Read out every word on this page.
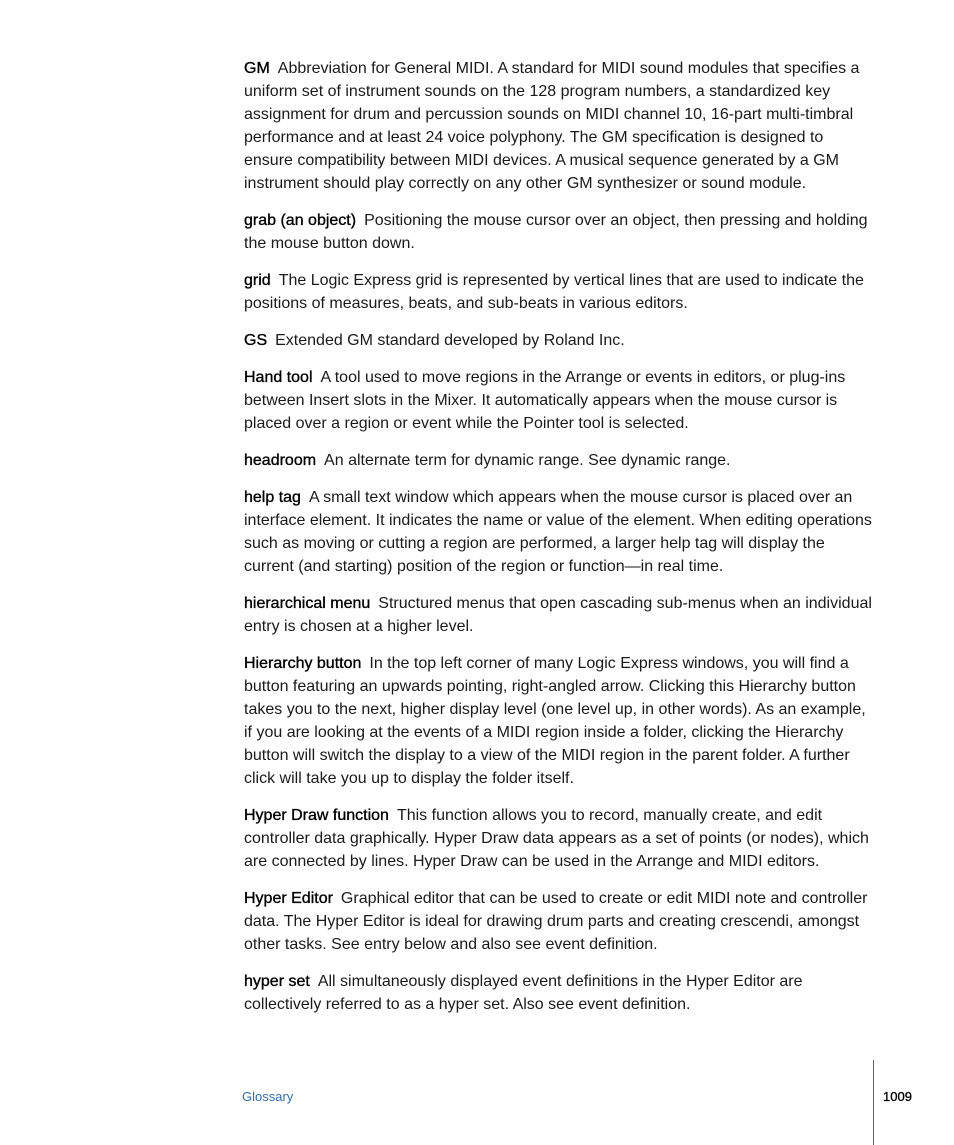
GM Abbreviation for General MIDI. A standard for MIDI sound modules that specifies a uniform set of instrument sounds on the 128 program numbers, a standardized key assignment for drum and percussion sounds on MIDI channel 10, 16-part multi-timbral performance and at least 24 voice polyphony. The GM specification is designed to ensure compatibility between MIDI devices. A musical sequence generated by a GM instrument should play correctly on any other GM synthesizer or sound module.

grab (an object) Positioning the mouse cursor over an object, then pressing and holding the mouse button down.

grid The Logic Express grid is represented by vertical lines that are used to indicate the positions of measures, beats, and sub-beats in various editors.

GS Extended GM standard developed by Roland Inc.

Hand tool A tool used to move regions in the Arrange or events in editors, or plug-ins between Insert slots in the Mixer. It automatically appears when the mouse cursor is placed over a region or event while the Pointer tool is selected.

headroom An alternate term for dynamic range. See dynamic range.

help tag A small text window which appears when the mouse cursor is placed over an interface element. It indicates the name or value of the element. When editing operations such as moving or cutting a region are performed, a larger help tag will display the current (and starting) position of the region or function—in real time.

hierarchical menu Structured menus that open cascading sub-menus when an individual entry is chosen at a higher level.

Hierarchy button In the top left corner of many Logic Express windows, you will find a button featuring an upwards pointing, right-angled arrow. Clicking this Hierarchy button takes you to the next, higher display level (one level up, in other words). As an example, if you are looking at the events of a MIDI region inside a folder, clicking the Hierarchy button will switch the display to a view of the MIDI region in the parent folder. A further click will take you up to display the folder itself.

Hyper Draw function This function allows you to record, manually create, and edit controller data graphically. Hyper Draw data appears as a set of points (or nodes), which are connected by lines. Hyper Draw can be used in the Arrange and MIDI editors.

Hyper Editor Graphical editor that can be used to create or edit MIDI note and controller data. The Hyper Editor is ideal for drawing drum parts and creating crescendi, amongst other tasks. See entry below and also see event definition.

hyper set All simultaneously displayed event definitions in the Hyper Editor are collectively referred to as a hyper set. Also see event definition.

Glossary	1009
